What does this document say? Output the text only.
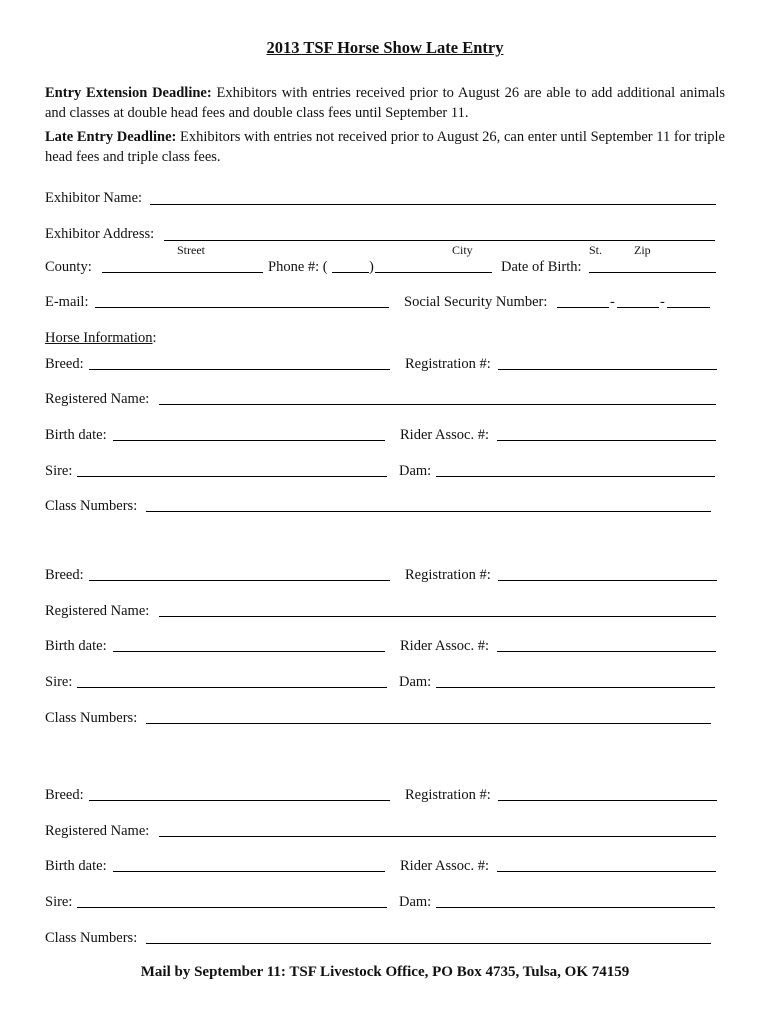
2013 TSF Horse Show Late Entry
Entry Extension Deadline: Exhibitors with entries received prior to August 26 are able to add additional animals and classes at double head fees and double class fees until September 11.
Late Entry Deadline: Exhibitors with entries not received prior to August 26, can enter until September 11 for triple head fees and triple class fees.
Exhibitor Name:
Exhibitor Address:
Street	City	St.	Zip
County:	Phone #: (	)	Date of Birth:
E-mail:	Social Security Number:	-	-
Horse Information:
Breed:	Registration #:
Registered Name:
Birth date:	Rider Assoc. #:
Sire:	Dam:
Class Numbers:
Breed:	Registration #:
Registered Name:
Birth date:	Rider Assoc. #:
Sire:	Dam:
Class Numbers:
Breed:	Registration #:
Registered Name:
Birth date:	Rider Assoc. #:
Sire:	Dam:
Class Numbers:
Mail by September 11: TSF Livestock Office, PO Box 4735, Tulsa, OK 74159
